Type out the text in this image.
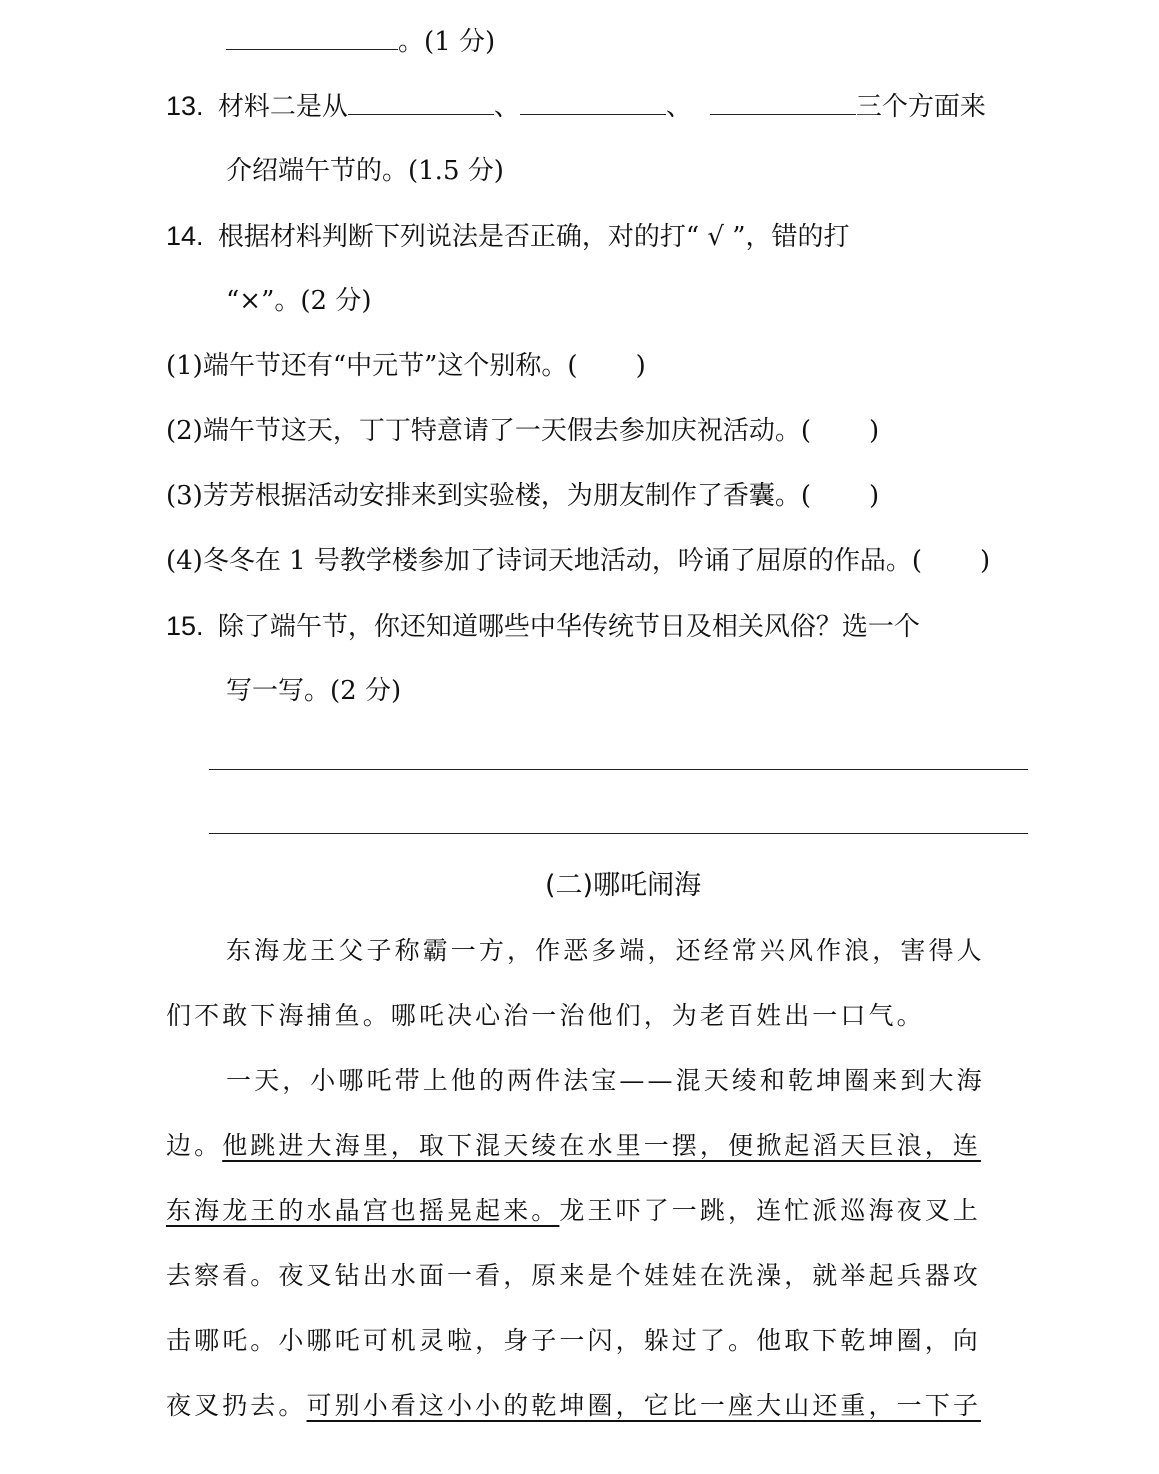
。(1 分)
13. 材料二是从	、	、	三个方面来
介绍端午节的。(1.5 分)
14. 根据材料判断下列说法是否正确，对的打“ √ ”，错的打
“×”。(2 分)
(1)端午节还有“中元节”这个别称。( )
(2)端午节这天，丁丁特意请了一天假去参加庆祝活动。( )
(3)芳芳根据活动安排来到实验楼，为朋友制作了香囊。( )
(4)冬冬在 1 号教学楼参加了诗词天地活动，吟诵了屈原的作品。( )
15. 除了端午节，你还知道哪些中华传统节日及相关风俗？选一个
写一写。(2 分)
(二)哪吒闹海
东海龙王父子称霸一方，作恶多端，还经常兴风作浪，害得人
们不敢下海捕鱼。哪吒决心治一治他们，为老百姓出一口气。
一天，小哪吒带上他的两件法宝——混天绫和乾坤圈来到大海
边。他跳进大海里，取下混天绫在水里一摆，便掀起滔天巨浪，连
东海龙王的水晶宫也摇晃起来。龙王吓了一跳，连忙派巡海夜叉上
去察看。夜叉钻出水面一看，原来是个娃娃在洗澡，就举起兵器攻
击哪吒。小哪吒可机灵啦，身子一闪，躲过了。他取下乾坤圈，向
夜叉扔去。可别小看这小小的乾坤圈，它比一座大山还重，一下子
